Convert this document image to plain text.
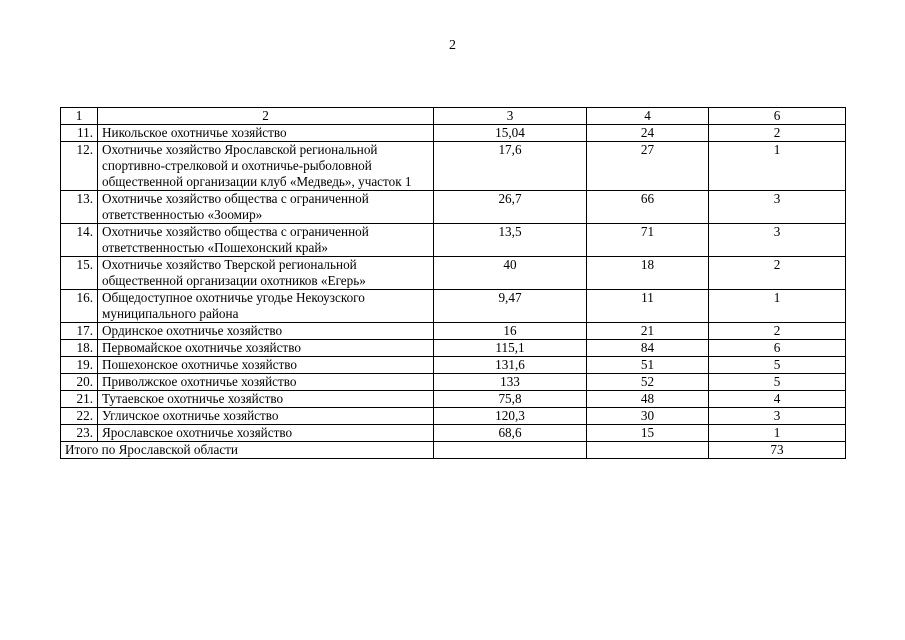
2
1	2	3	4	6
11.	Никольское охотничье хозяйство	15,04	24	2
12.	Охотничье хозяйство Ярославской региональной спортивно-стрелковой и охотничье-рыболовной общественной организации клуб «Медведь», участок 1	17,6	27	1
13.	Охотничье хозяйство общества с ограниченной ответственностью «Зоомир»	26,7	66	3
14.	Охотничье хозяйство общества с ограниченной ответственностью «Пошехонский край»	13,5	71	3
15.	Охотничье хозяйство Тверской региональной общественной организации охотников «Егерь»	40	18	2
16.	Общедоступное охотничье угодье Некоузского муниципального района	9,47	11	1
17.	Ординское охотничье хозяйство	16	21	2
18.	Первомайское охотничье хозяйство	115,1	84	6
19.	Пошехонское охотничье хозяйство	131,6	51	5
20.	Приволжское охотничье хозяйство	133	52	5
21.	Тутаевское охотничье хозяйство	75,8	48	4
22.	Угличское охотничье хозяйство	120,3	30	3
23.	Ярославское охотничье хозяйство	68,6	15	1
Итого по Ярославской области				73
